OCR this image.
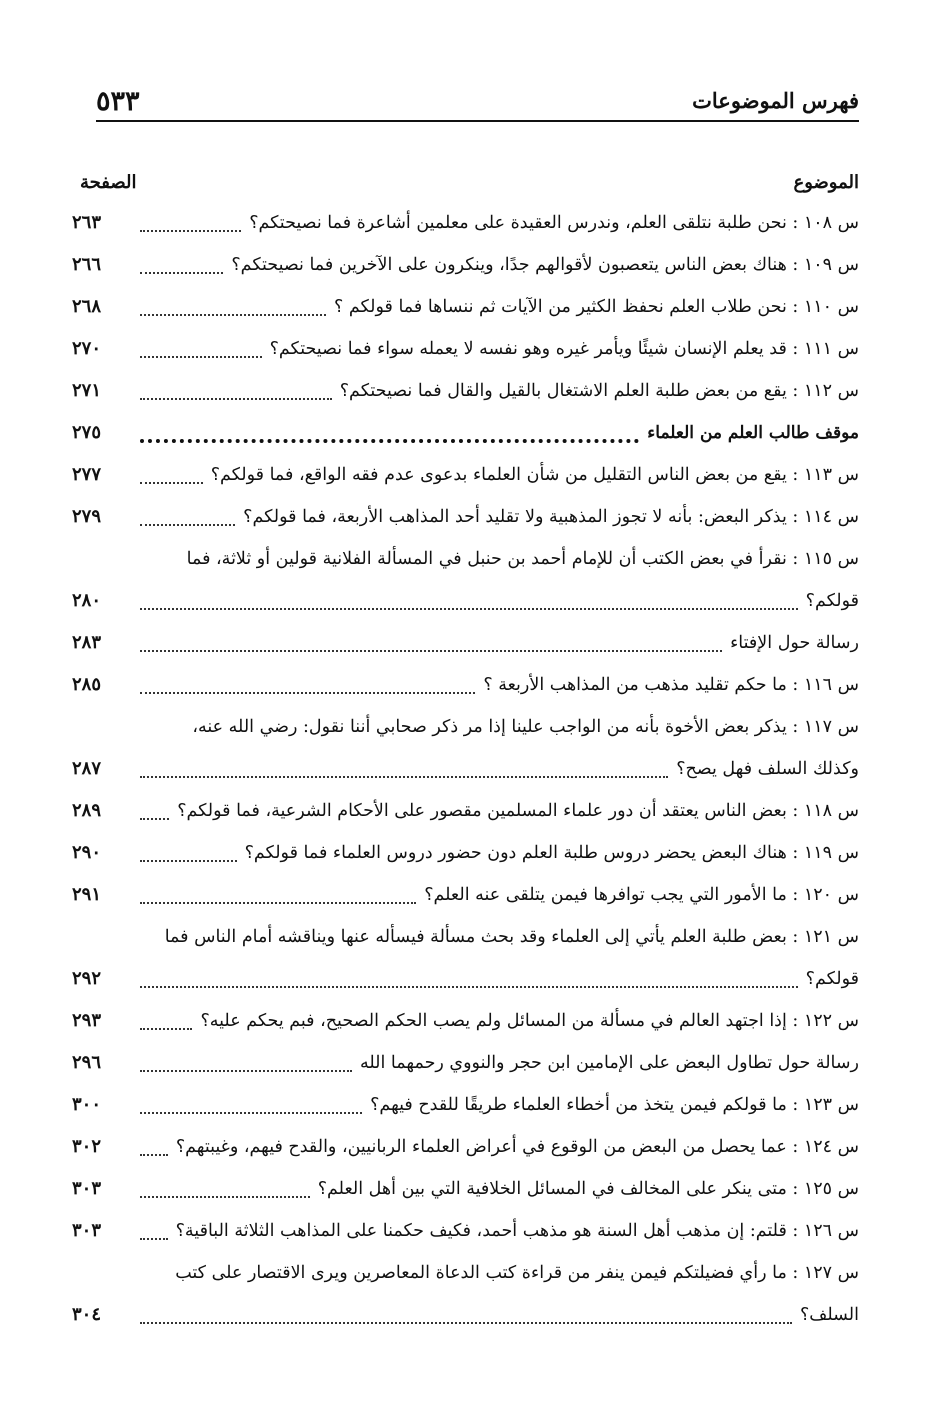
فهرس الموضوعات
٥٣٣
الموضوع
الصفحة
س ١٠٨ : نحن طلبة نتلقى العلم، وندرس العقيدة على معلمين أشاعرة فما نصيحتكم؟
٢٦٣
س ١٠٩ : هناك بعض الناس يتعصبون لأقوالهم جدًا، وينكرون على الآخرين فما نصيحتكم؟
٢٦٦
س ١١٠ : نحن طلاب العلم نحفظ الكثير من الآيات ثم ننساها فما قولكم ؟
٢٦٨
س ١١١ : قد يعلم الإنسان شيئًا ويأمر غيره وهو نفسه لا يعمله سواء فما نصيحتكم؟
٢٧٠
س ١١٢ : يقع من بعض طلبة العلم الاشتغال بالقيل والقال فما نصيحتكم؟
٢٧١
موقف طالب العلم من العلماء
٢٧٥
س ١١٣ : يقع من بعض الناس التقليل من شأن العلماء بدعوى عدم فقه الواقع، فما قولكم؟
٢٧٧
س ١١٤ : يذكر البعض: بأنه لا تجوز المذهبية ولا تقليد أحد المذاهب الأربعة، فما قولكم؟
٢٧٩
س ١١٥ : نقرأ في بعض الكتب أن للإمام أحمد بن حنبل في المسألة الفلانية قولين أو ثلاثة، فما
قولكم؟
٢٨٠
رسالة حول الإفتاء
٢٨٣
س ١١٦ : ما حكم تقليد مذهب من المذاهب الأربعة ؟
٢٨٥
س ١١٧ : يذكر بعض الأخوة بأنه من الواجب علينا إذا مر ذكر صحابي أننا نقول: رضي الله عنه،
وكذلك السلف فهل يصح؟
٢٨٧
س ١١٨ : بعض الناس يعتقد أن دور علماء المسلمين مقصور على الأحكام الشرعية، فما قولكم؟
٢٨٩
س ١١٩ : هناك البعض يحضر دروس طلبة العلم دون حضور دروس العلماء فما قولكم؟
٢٩٠
س ١٢٠ : ما الأمور التي يجب توافرها فيمن يتلقى عنه العلم؟
٢٩١
س ١٢١ : بعض طلبة العلم يأتي إلى العلماء وقد بحث مسألة فيسأله عنها ويناقشه أمام الناس فما
قولكم؟
٢٩٢
س ١٢٢ : إذا اجتهد العالم في مسألة من المسائل ولم يصب الحكم الصحيح، فبم يحكم عليه؟
٢٩٣
رسالة حول تطاول البعض على الإمامين ابن حجر والنووي رحمهما الله
٢٩٦
س ١٢٣ : ما قولكم فيمن يتخذ من أخطاء العلماء طريقًا للقدح فيهم؟
٣٠٠
س ١٢٤ : عما يحصل من البعض من الوقوع في أعراض العلماء الربانيين، والقدح فيهم، وغيبتهم؟
٣٠٢
س ١٢٥ : متى ينكر على المخالف في المسائل الخلافية التي بين أهل العلم؟
٣٠٣
س ١٢٦ : قلتم: إن مذهب أهل السنة هو مذهب أحمد، فكيف حكمنا على المذاهب الثلاثة الباقية؟
٣٠٣
س ١٢٧ : ما رأي فضيلتكم فيمن ينفر من قراءة كتب الدعاة المعاصرين ويرى الاقتصار على كتب
السلف؟
٣٠٤
